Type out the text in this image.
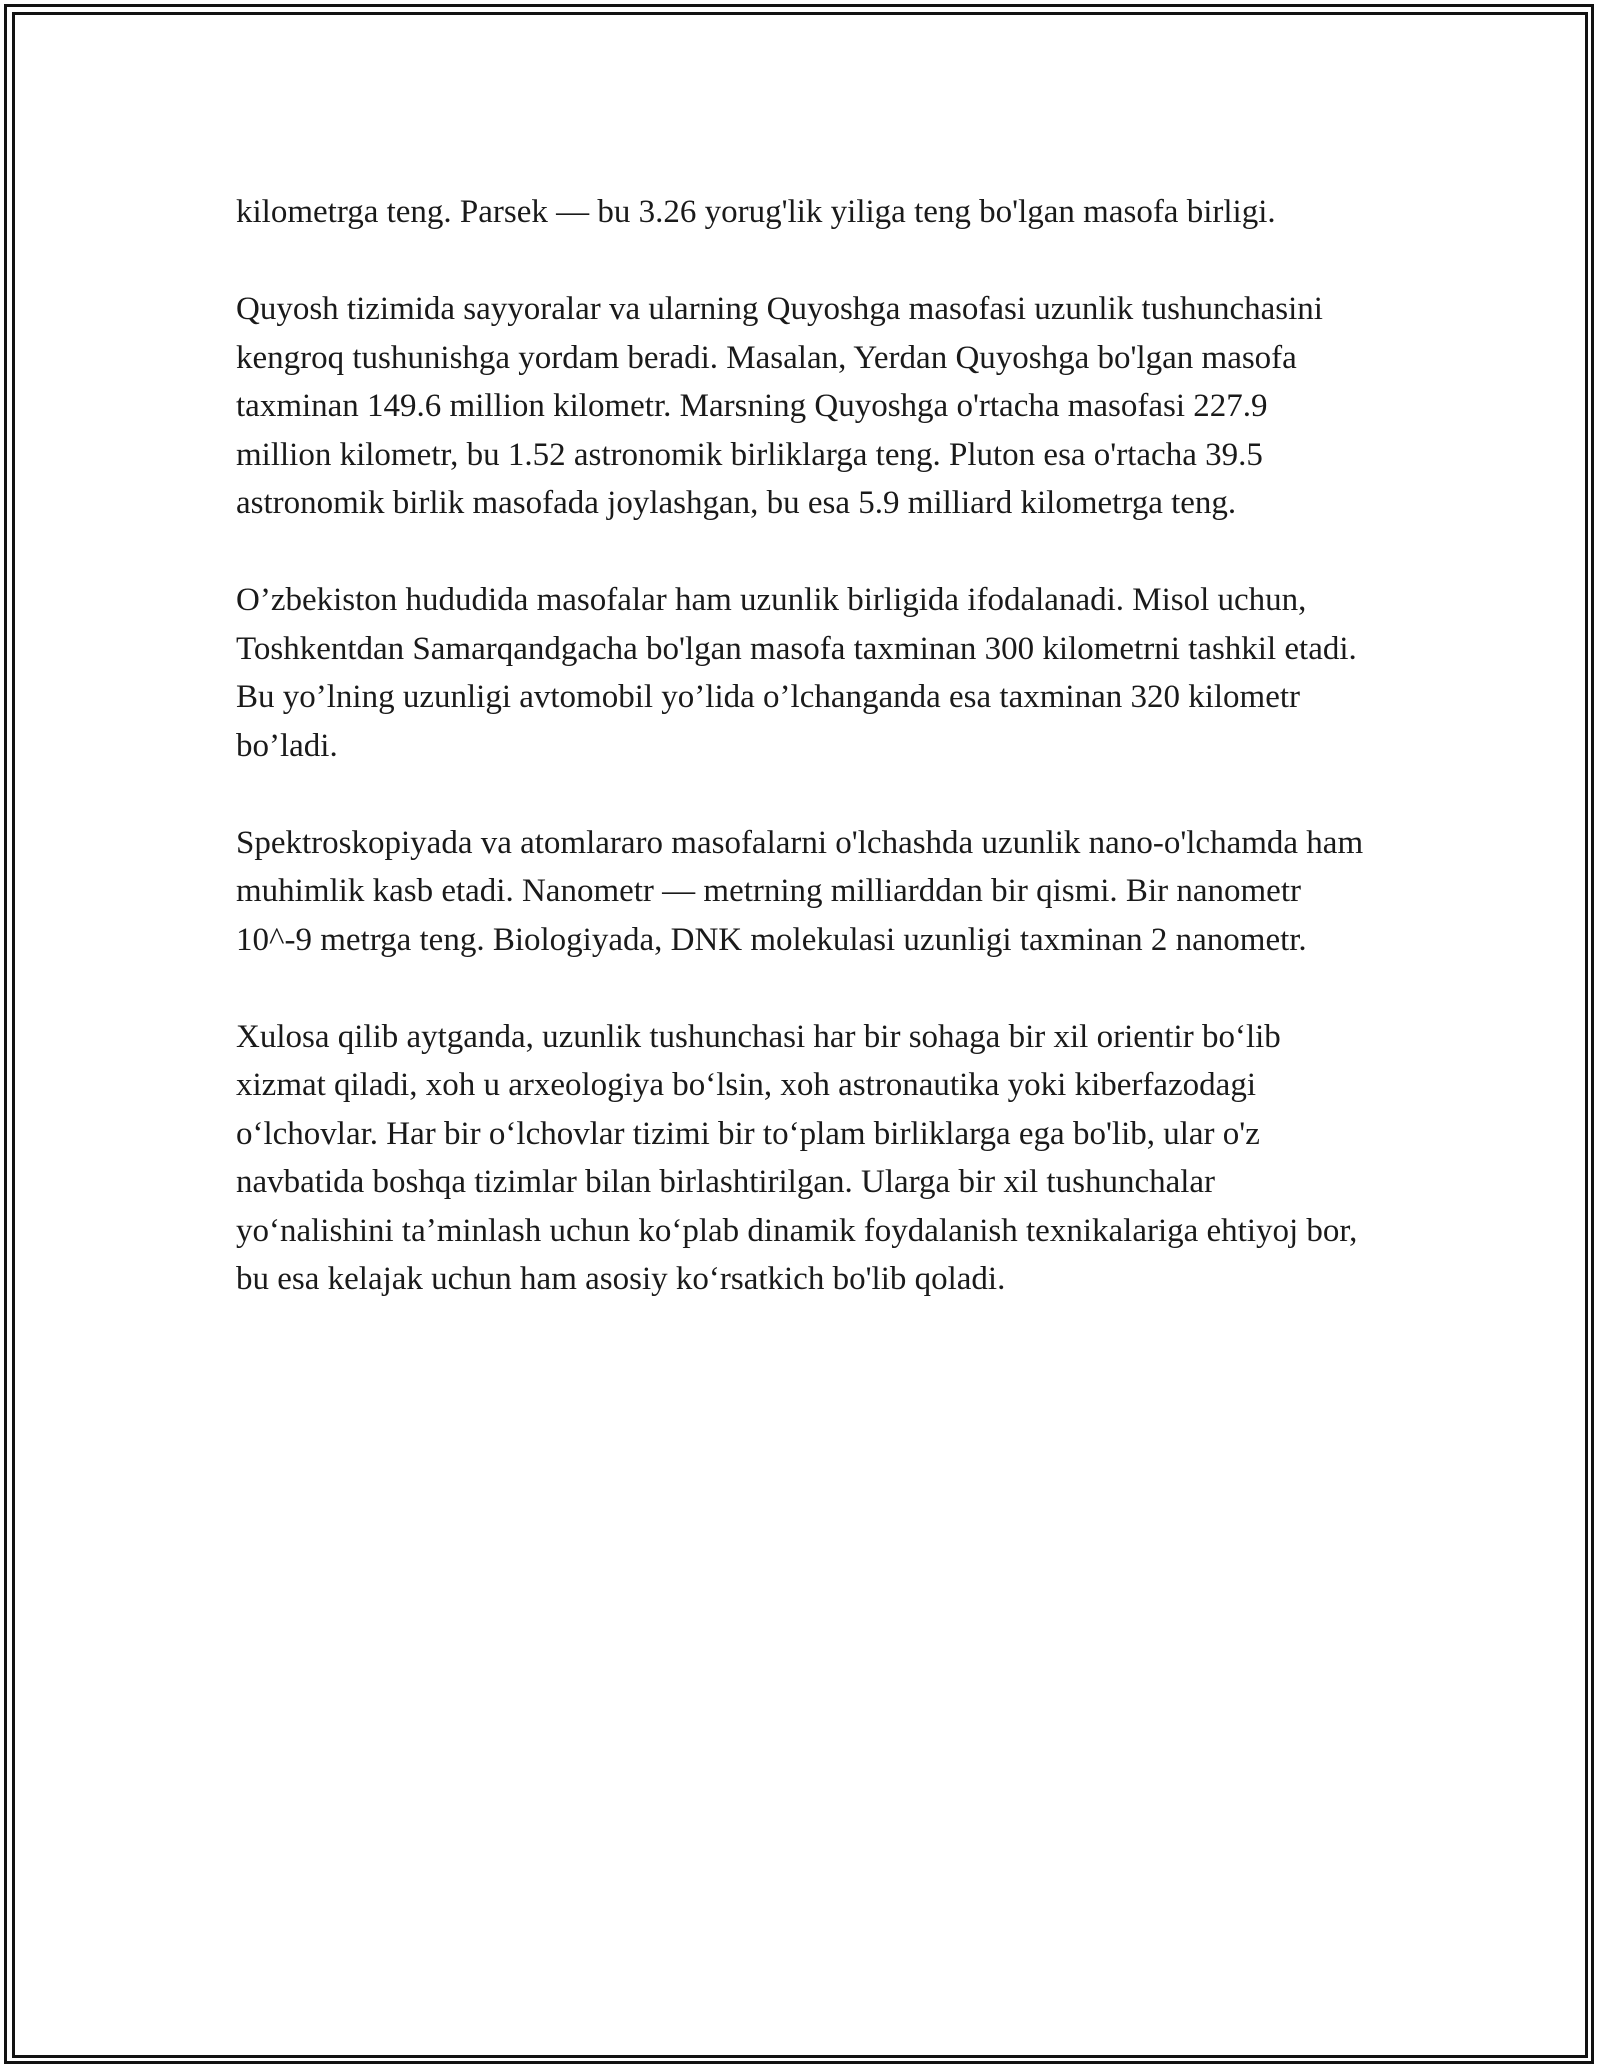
kilometrga teng. Parsek — bu 3.26 yorug'lik yiliga teng bo'lgan masofa birligi.

Quyosh tizimida sayyoralar va ularning Quyoshga masofasi uzunlik tushunchasini kengroq tushunishga yordam beradi. Masalan, Yerdan Quyoshga bo'lgan masofa taxminan 149.6 million kilometr. Marsning Quyoshga o'rtacha masofasi 227.9 million kilometr, bu 1.52 astronomik birliklarga teng. Pluton esa o'rtacha 39.5 astronomik birlik masofada joylashgan, bu esa 5.9 milliard kilometrga teng.

O’zbekiston hududida masofalar ham uzunlik birligida ifodalanadi. Misol uchun, Toshkentdan Samarqandgacha bo'lgan masofa taxminan 300 kilometrni tashkil etadi. Bu yo’lning uzunligi avtomobil yo’lida o’lchanganda esa taxminan 320 kilometr bo’ladi.

Spektroskopiyada va atomlararo masofalarni o'lchashda uzunlik nano-o'lchamda ham muhimlik kasb etadi. Nanometr — metrning milliarddan bir qismi. Bir nanometr 10^-9 metrga teng. Biologiyada, DNK molekulasi uzunligi taxminan 2 nanometr.

Xulosa qilib aytganda, uzunlik tushunchasi har bir sohaga bir xil orientir boʻlib xizmat qiladi, xoh u arxeologiya boʻlsin, xoh astronautika yoki kiberfazodagi oʻlchovlar. Har bir oʻlchovlar tizimi bir toʻplam birliklarga ega bo'lib, ular o'z navbatida boshqa tizimlar bilan birlashtirilgan. Ularga bir xil tushunchalar yoʻnalishini taʼminlash uchun koʻplab dinamik foydalanish texnikalariga ehtiyoj bor, bu esa kelajak uchun ham asosiy koʻrsatkich bo'lib qoladi.
